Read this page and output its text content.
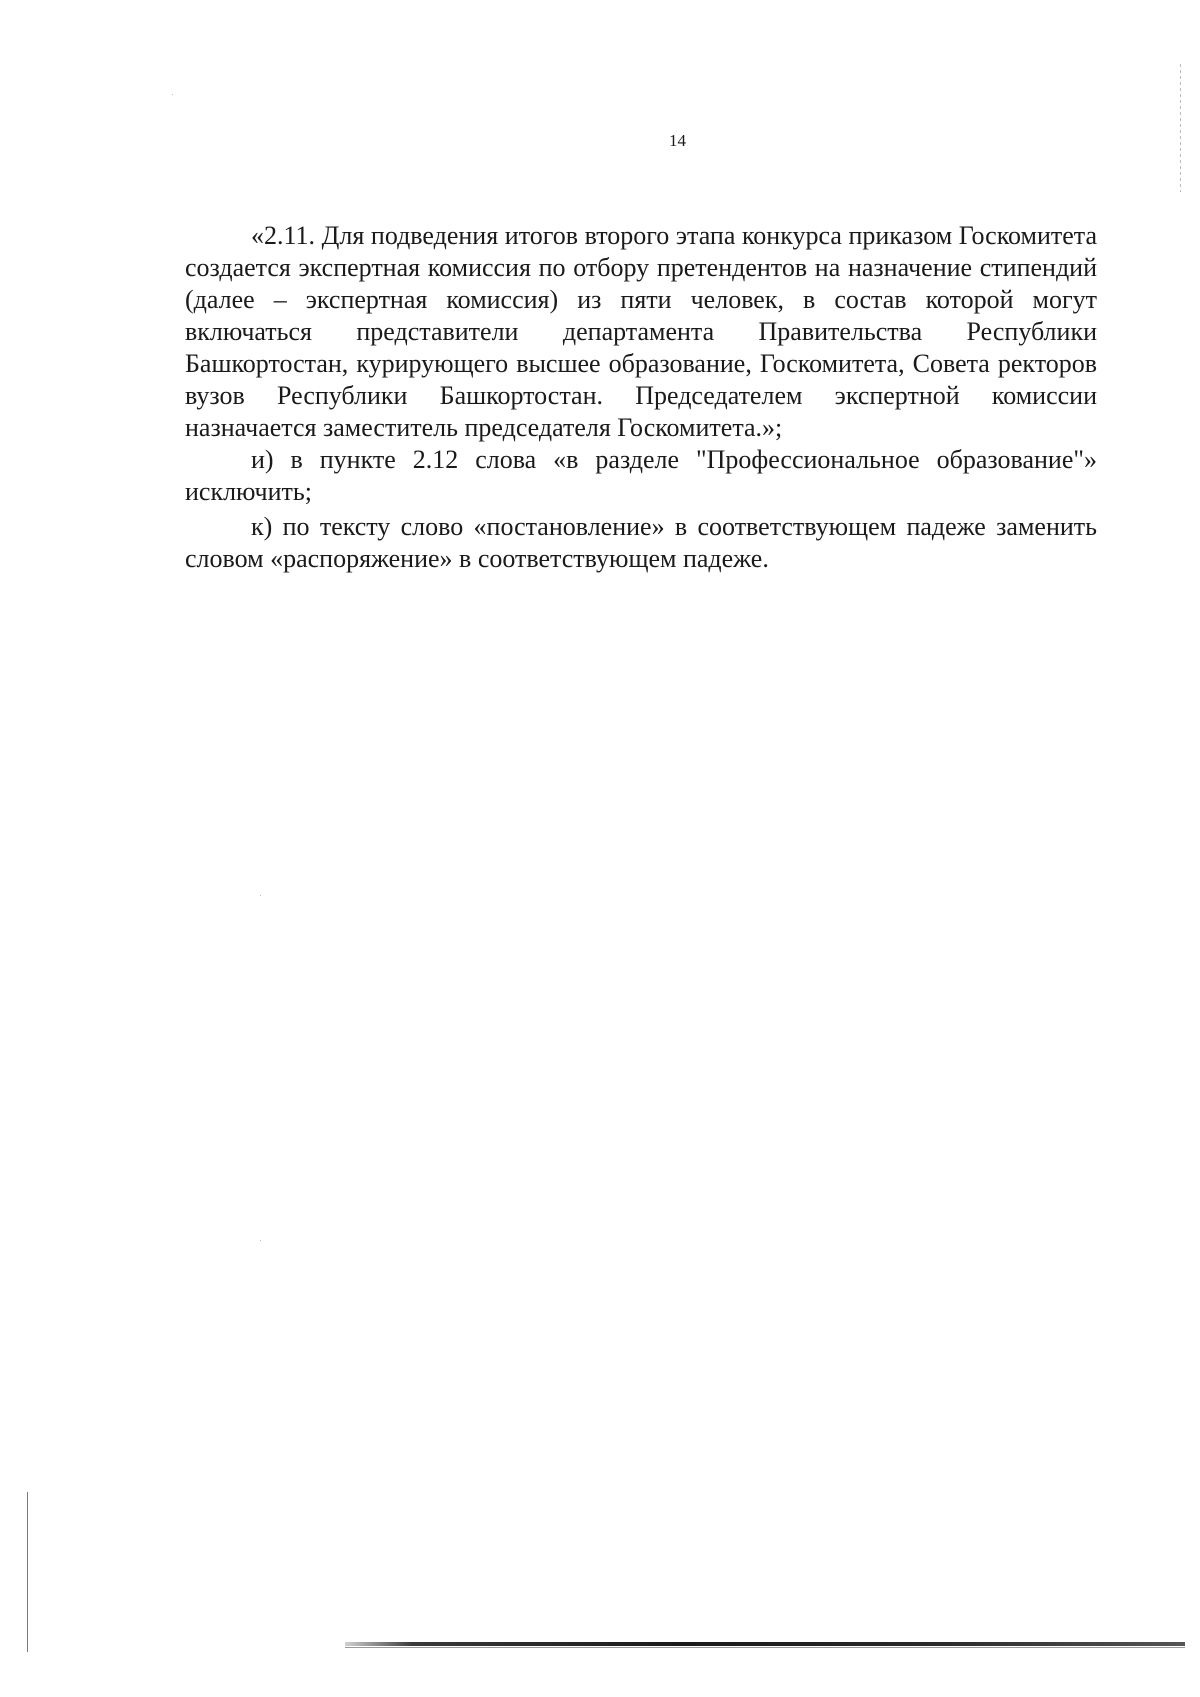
14

«2.11. Для подведения итогов второго этапа конкурса приказом Госкомитета создается экспертная комиссия по отбору претендентов на назначение стипендий (далее – экспертная комиссия) из пяти человек, в состав которой могут включаться представители департамента Правительства Республики Башкортостан, курирующего высшее образование, Госкомитета, Совета ректоров вузов Республики Башкортостан. Председателем экспертной комиссии назначается заместитель председателя Госкомитета.»;

и) в пункте 2.12 слова «в разделе "Профессиональное образование"» исключить;

к) по тексту слово «постановление» в соответствующем падеже заменить словом «распоряжение» в соответствующем падеже.
